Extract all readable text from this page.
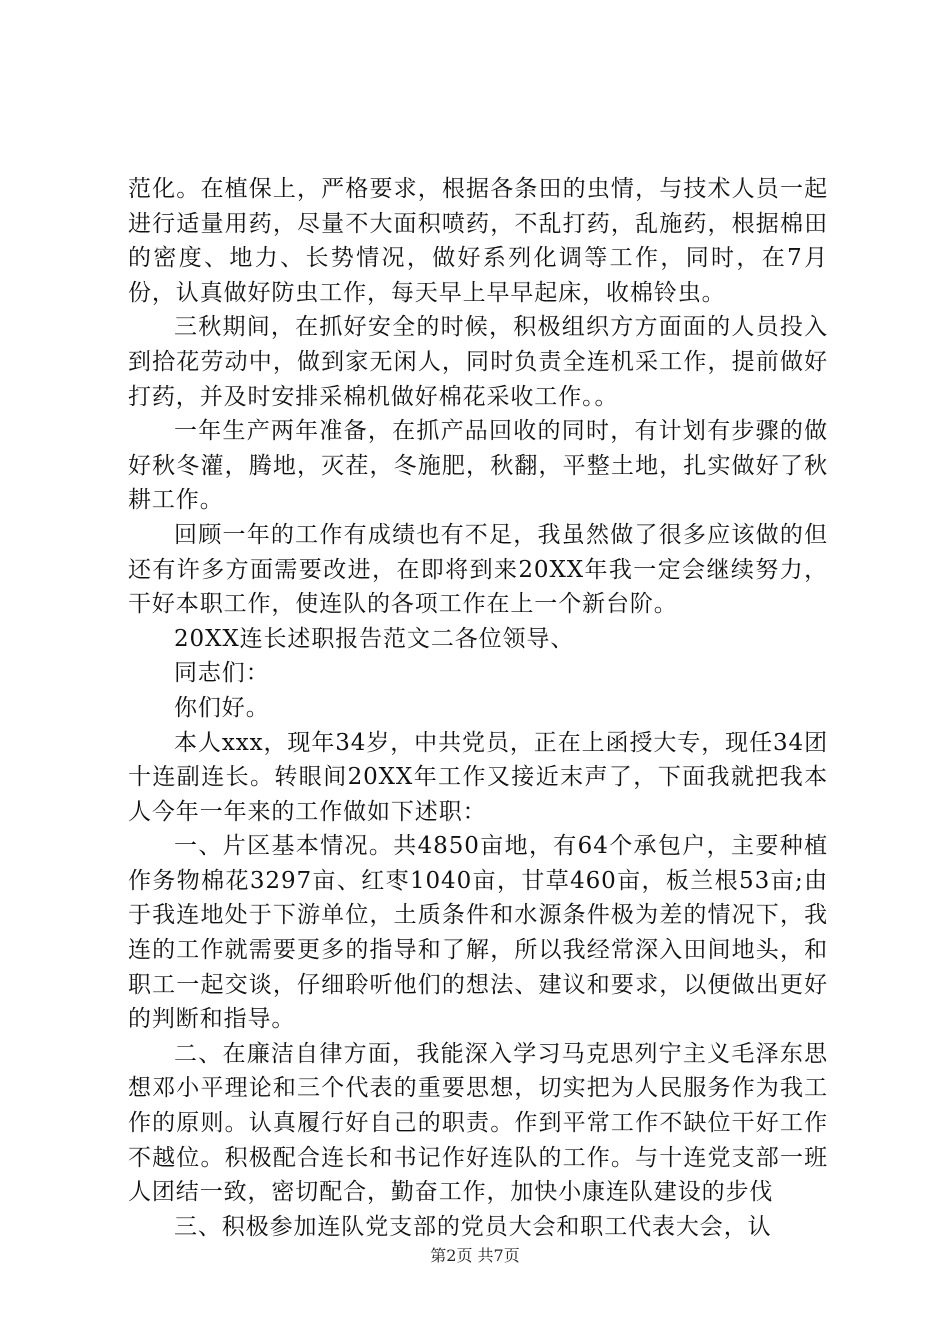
范化。在植保上，严格要求，根据各条田的虫情，与技术人员一起进行适量用药，尽量不大面积喷药，不乱打药，乱施药，根据棉田的密度、地力、长势情况，做好系列化调等工作，同时，在7月份，认真做好防虫工作，每天早上早早起床，收棉铃虫。

三秋期间，在抓好安全的时候，积极组织方方面面的人员投入到拾花劳动中，做到家无闲人，同时负责全连机采工作，提前做好打药，并及时安排采棉机做好棉花采收工作。。

一年生产两年准备，在抓产品回收的同时，有计划有步骤的做好秋冬灌，腾地，灭茬，冬施肥，秋翻，平整土地，扎实做好了秋耕工作。

回顾一年的工作有成绩也有不足，我虽然做了很多应该做的但还有许多方面需要改进，在即将到来20XX年我一定会继续努力，干好本职工作，使连队的各项工作在上一个新台阶。

20XX连长述职报告范文二各位领导、

同志们：

你们好。

本人xxx，现年34岁，中共党员，正在上函授大专，现任34团十连副连长。转眼间20XX年工作又接近末声了，下面我就把我本人今年一年来的工作做如下述职：

一、片区基本情况。共4850亩地，有64个承包户，主要种植作务物棉花3297亩、红枣1040亩，甘草460亩，板兰根53亩;由于我连地处于下游单位，土质条件和水源条件极为差的情况下，我连的工作就需要更多的指导和了解，所以我经常深入田间地头，和职工一起交谈，仔细聆听他们的想法、建议和要求，以便做出更好的判断和指导。

二、在廉洁自律方面，我能深入学习马克思列宁主义毛泽东思想邓小平理论和三个代表的重要思想，切实把为人民服务作为我工作的原则。认真履行好自己的职责。作到平常工作不缺位干好工作不越位。积极配合连长和书记作好连队的工作。与十连党支部一班人团结一致，密切配合，勤奋工作，加快小康连队建设的步伐

三、积极参加连队党支部的党员大会和职工代表大会，认

第2页 共7页
